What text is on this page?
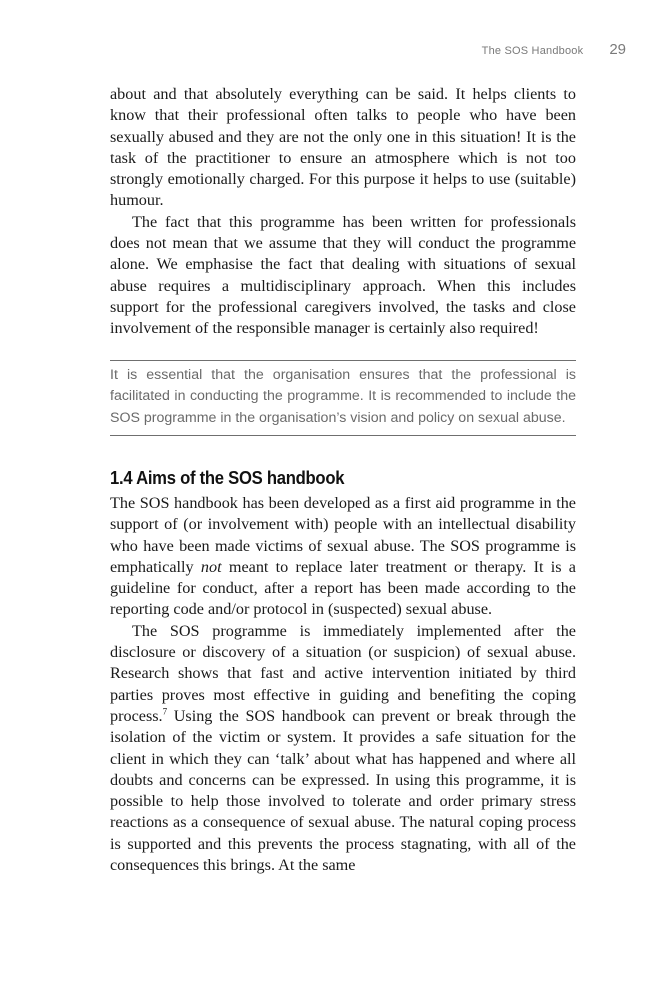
The SOS Handbook 29

about and that absolutely everything can be said. It helps clients to know that their professional often talks to people who have been sexually abused and they are not the only one in this situation! It is the task of the practitioner to ensure an atmosphere which is not too strongly emotionally charged. For this purpose it helps to use (suitable) humour.

The fact that this programme has been written for professionals does not mean that we assume that they will conduct the programme alone. We emphasise the fact that dealing with situations of sexual abuse requires a multidisciplinary approach. When this includes support for the professional caregivers involved, the tasks and close involvement of the responsible manager is certainly also required!

It is essential that the organisation ensures that the professional is facilitated in conducting the programme. It is recommended to include the SOS programme in the organisation’s vision and policy on sexual abuse.

1.4 Aims of the SOS handbook

The SOS handbook has been developed as a first aid programme in the support of (or involvement with) people with an intellectual disability who have been made victims of sexual abuse. The SOS programme is emphatically not meant to replace later treatment or therapy. It is a guideline for conduct, after a report has been made according to the reporting code and/or protocol in (suspected) sexual abuse.

The SOS programme is immediately implemented after the disclosure or discovery of a situation (or suspicion) of sexual abuse. Research shows that fast and active intervention initiated by third parties proves most effective in guiding and benefiting the coping process.$^7$ Using the SOS handbook can prevent or break through the isolation of the victim or system. It provides a safe situation for the client in which they can ‘talk’ about what has happened and where all doubts and concerns can be expressed. In using this programme, it is possible to help those involved to tolerate and order primary stress reactions as a consequence of sexual abuse. The natural coping process is supported and this prevents the process stagnating, with all of the consequences this brings. At the same
